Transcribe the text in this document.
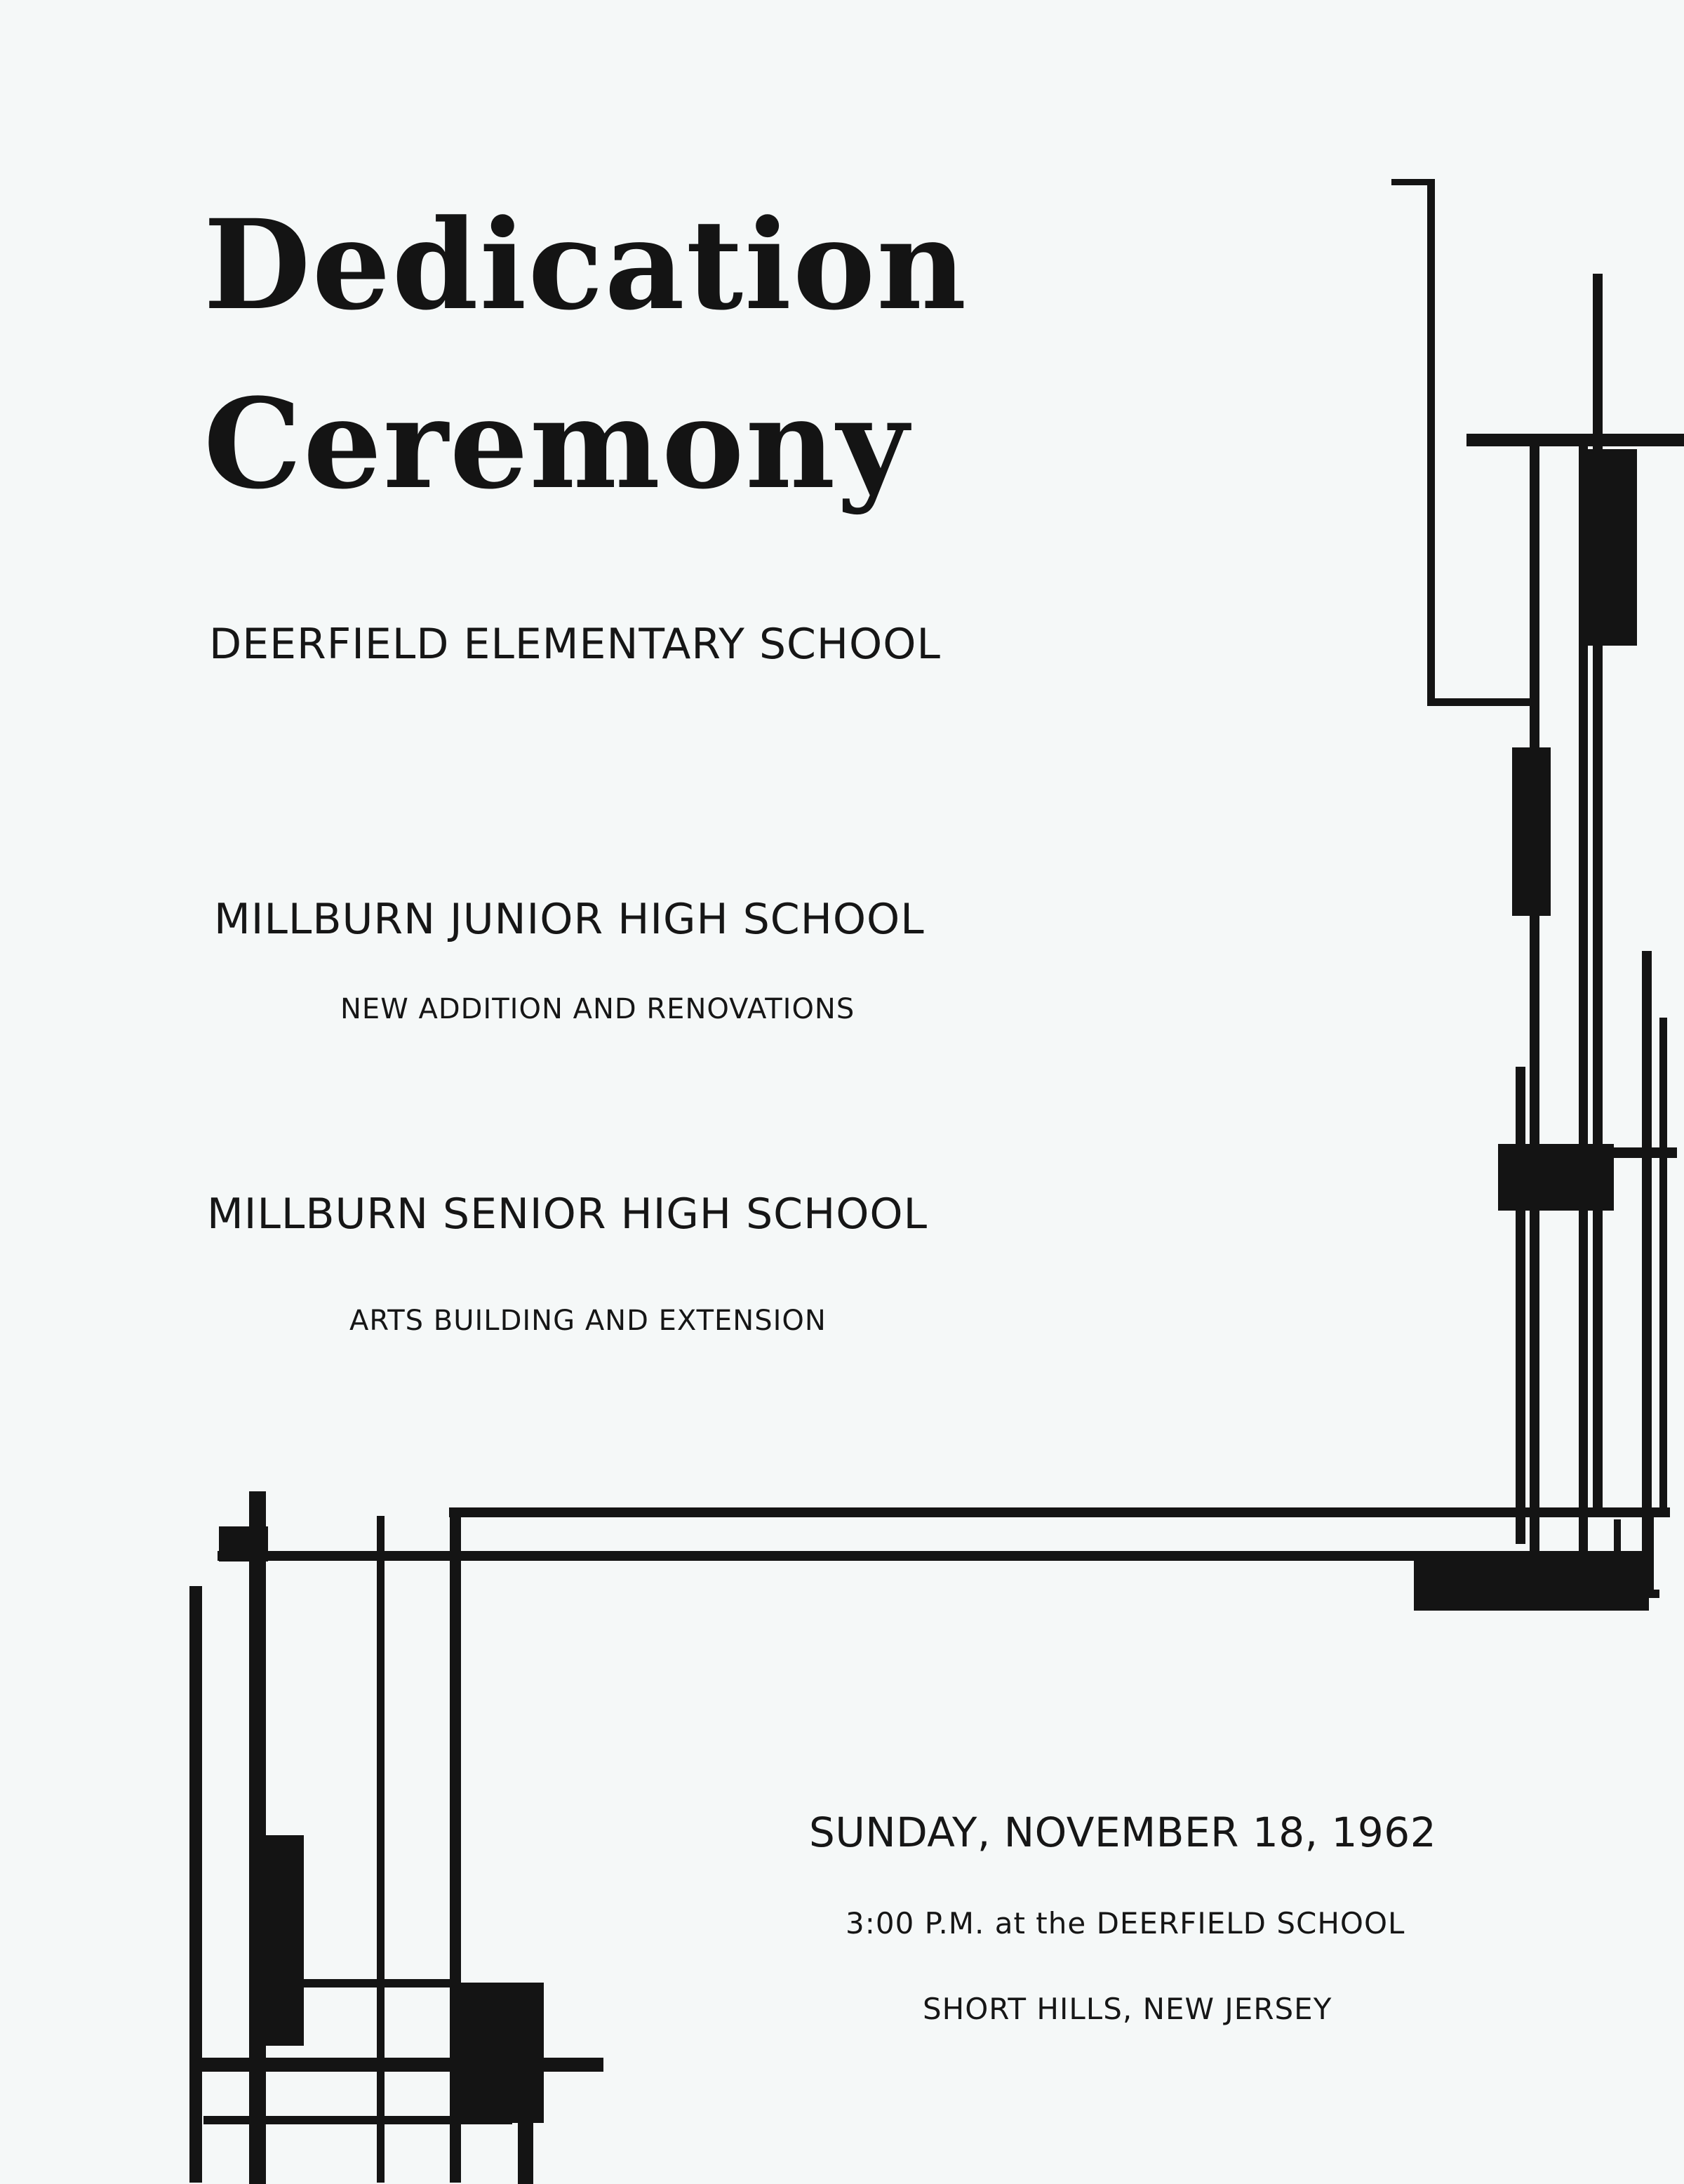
Dedication
Ceremony
DEERFIELD ELEMENTARY SCHOOL
MILLBURN JUNIOR HIGH SCHOOL
NEW ADDITION AND RENOVATIONS
MILLBURN SENIOR HIGH SCHOOL
ARTS BUILDING AND EXTENSION
SUNDAY, NOVEMBER 18, 1962
3:00 P.M. at the DEERFIELD SCHOOL
SHORT HILLS, NEW JERSEY
